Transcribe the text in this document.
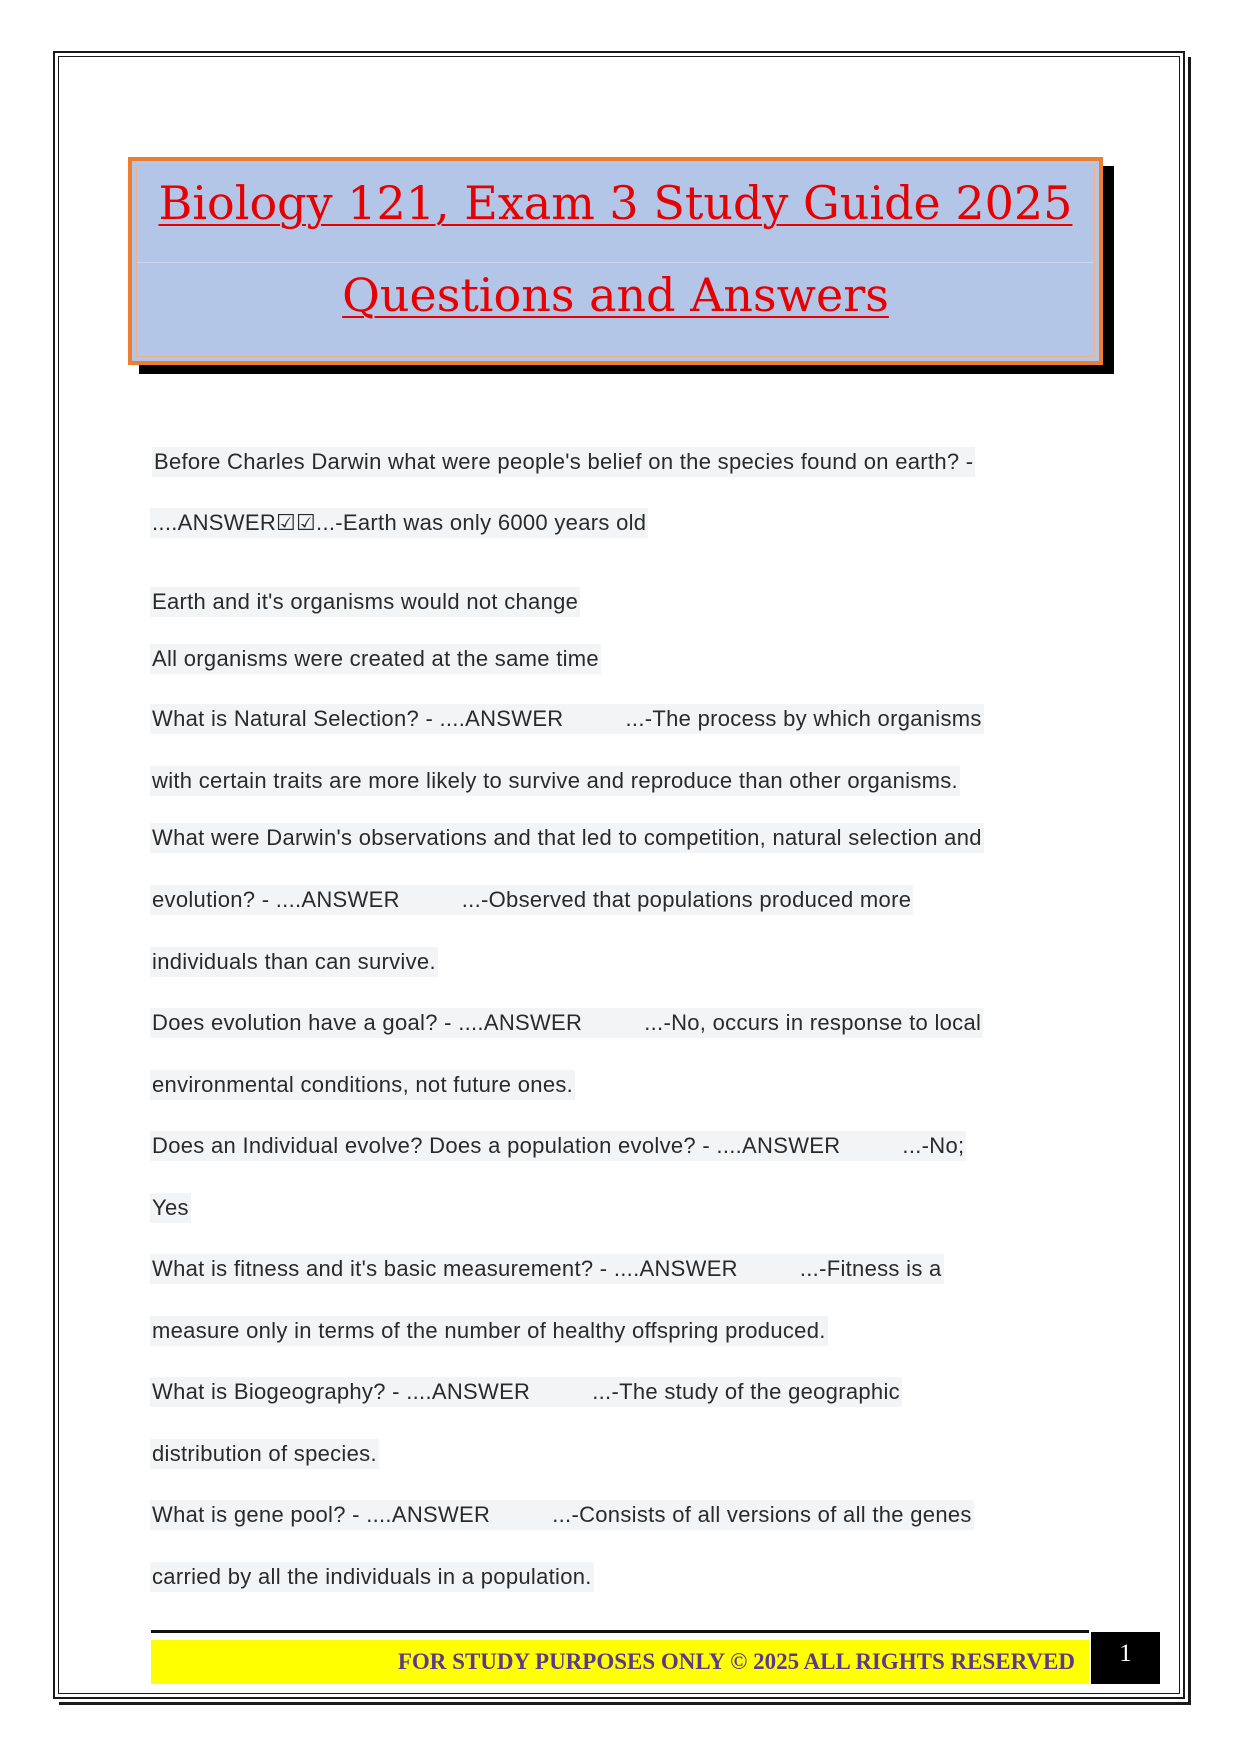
Biology 121, Exam 3 Study Guide 2025
Questions and Answers
Before Charles Darwin what were people's belief on the species found on earth? -
....ANSWER☑☑...-Earth was only 6000 years old
Earth and it's organisms would not change
All organisms were created at the same time
What is Natural Selection? - ....ANSWER	...-The process by which organisms
with certain traits are more likely to survive and reproduce than other organisms.
What were Darwin's observations and that led to competition, natural selection and
evolution? - ....ANSWER	...-Observed that populations produced more
individuals than can survive.
Does evolution have a goal? - ....ANSWER	...-No, occurs in response to local
environmental conditions, not future ones.
Does an Individual evolve? Does a population evolve? - ....ANSWER	...-No;
Yes
What is fitness and it's basic measurement? - ....ANSWER	...-Fitness is a
measure only in terms of the number of healthy offspring produced.
What is Biogeography? - ....ANSWER	...-The study of the geographic
distribution of species.
What is gene pool? - ....ANSWER	...-Consists of all versions of all the genes
carried by all the individuals in a population.
FOR STUDY PURPOSES ONLY © 2025 ALL RIGHTS RESERVED	1
